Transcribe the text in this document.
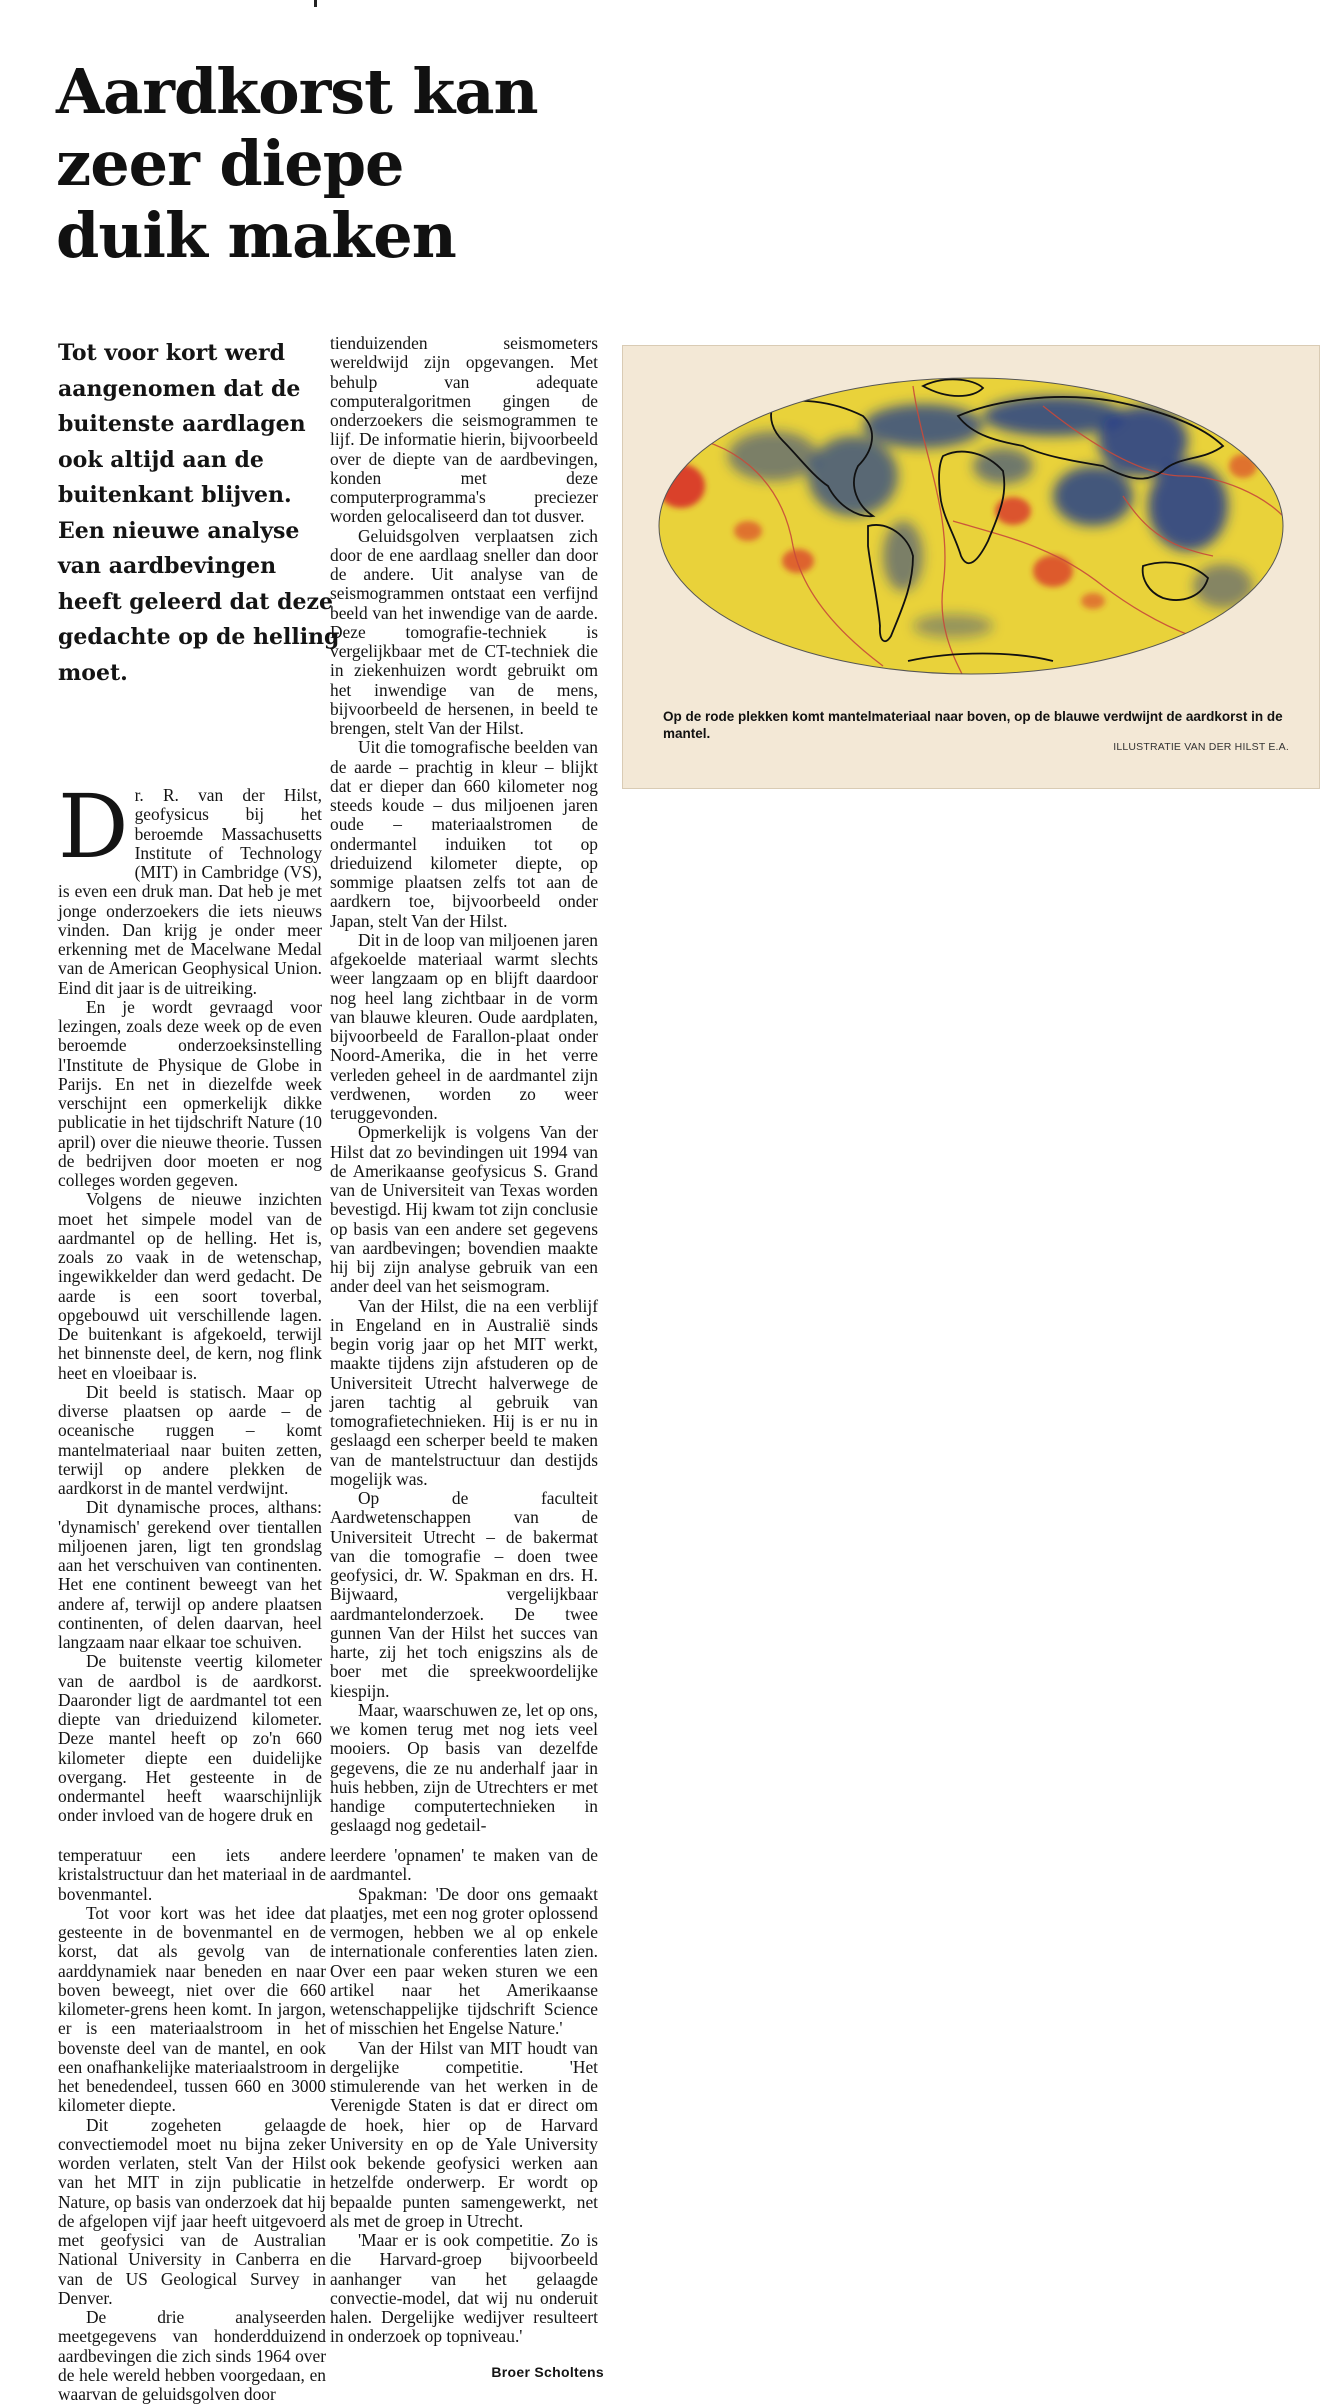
Aardkorst kan
zeer diepe
duik maken
Tot voor kort werd
aangenomen dat de
buitenste aardlagen
ook altijd aan de
buitenkant blijven.
Een nieuwe analyse
van aardbevingen
heeft geleerd dat deze
gedachte op de helling
moet.

Dr. R. van der Hilst, geofysicus bij het beroemde Massachusetts Institute of Technology (MIT) in Cambridge (VS), is even een druk man. Dat heb je met jonge onderzoekers die iets nieuws vinden. Dan krijg je onder meer erkenning met de Macelwane Medal van de American Geophysical Union. Eind dit jaar is de uitreiking.

En je wordt gevraagd voor lezingen, zoals deze week op de even beroemde onderzoeksinstelling l'Institute de Physique de Globe in Parijs. En net in diezelfde week verschijnt een opmerkelijk dikke publicatie in het tijdschrift Nature (10 april) over die nieuwe theorie. Tussen de bedrijven door moeten er nog colleges worden gegeven.

Volgens de nieuwe inzichten moet het simpele model van de aardmantel op de helling. Het is, zoals zo vaak in de wetenschap, ingewikkelder dan werd gedacht. De aarde is een soort toverbal, opgebouwd uit verschillende lagen. De buitenkant is afgekoeld, terwijl het binnenste deel, de kern, nog flink heet en vloeibaar is.

Dit beeld is statisch. Maar op diverse plaatsen op aarde – de oceanische ruggen – komt mantelmateriaal naar buiten zetten, terwijl op andere plekken de aardkorst in de mantel verdwijnt.

Dit dynamische proces, althans: 'dynamisch' gerekend over tientallen miljoenen jaren, ligt ten grondslag aan het verschuiven van continenten. Het ene continent beweegt van het andere af, terwijl op andere plaatsen continenten, of delen daarvan, heel langzaam naar elkaar toe schuiven.

De buitenste veertig kilometer van de aardbol is de aardkorst. Daaronder ligt de aardmantel tot een diepte van drieduizend kilometer. Deze mantel heeft op zo'n 660 kilometer diepte een duidelijke overgang. Het gesteente in de ondermantel heeft waarschijnlijk onder invloed van de hogere druk en

tienduizenden seismometers wereldwijd zijn opgevangen. Met behulp van adequate computeralgoritmen gingen de onderzoekers die seismogrammen te lijf. De informatie hierin, bijvoorbeeld over de diepte van de aardbevingen, konden met deze computerprogramma's preciezer worden gelocaliseerd dan tot dusver.

Geluidsgolven verplaatsen zich door de ene aardlaag sneller dan door de andere. Uit analyse van de seismogrammen ontstaat een verfijnd beeld van het inwendige van de aarde. Deze tomografie-techniek is vergelijkbaar met de CT-techniek die in ziekenhuizen wordt gebruikt om het inwendige van de mens, bijvoorbeeld de hersenen, in beeld te brengen, stelt Van der Hilst.

Uit die tomografische beelden van de aarde – prachtig in kleur – blijkt dat er dieper dan 660 kilometer nog steeds koude – dus miljoenen jaren oude – materiaalstromen de ondermantel induiken tot op drieduizend kilometer diepte, op sommige plaatsen zelfs tot aan de aardkern toe, bijvoorbeeld onder Japan, stelt Van der Hilst.

Dit in de loop van miljoenen jaren afgekoelde materiaal warmt slechts weer langzaam op en blijft daardoor nog heel lang zichtbaar in de vorm van blauwe kleuren. Oude aardplaten, bijvoorbeeld de Farallon-plaat onder Noord-Amerika, die in het verre verleden geheel in de aardmantel zijn verdwenen, worden zo weer teruggevonden.

Opmerkelijk is volgens Van der Hilst dat zo bevindingen uit 1994 van de Amerikaanse geofysicus S. Grand van de Universiteit van Texas worden bevestigd. Hij kwam tot zijn conclusie op basis van een andere set gegevens van aardbevingen; bovendien maakte hij bij zijn analyse gebruik van een ander deel van het seismogram.

Van der Hilst, die na een verblijf in Engeland en in Australië sinds begin vorig jaar op het MIT werkt, maakte tijdens zijn afstuderen op de Universiteit Utrecht halverwege de jaren tachtig al gebruik van tomografietechnieken. Hij is er nu in geslaagd een scherper beeld te maken van de mantelstructuur dan destijds mogelijk was.

Op de faculteit Aardwetenschappen van de Universiteit Utrecht – de bakermat van die tomografie – doen twee geofysici, dr. W. Spakman en drs. H. Bijwaard, vergelijkbaar aardmantelonderzoek. De twee gunnen Van der Hilst het succes van harte, zij het toch enigszins als de boer met die spreekwoordelijke kiespijn.

Maar, waarschuwen ze, let op ons, we komen terug met nog iets veel mooiers. Op basis van dezelfde gegevens, die ze nu anderhalf jaar in huis hebben, zijn de Utrechters er met handige computertechnieken in geslaagd nog gedetail-

temperatuur een iets andere kristalstructuur dan het materiaal in de bovenmantel.

Tot voor kort was het idee dat gesteente in de bovenmantel en de korst, dat als gevolg van de aarddynamiek naar beneden en naar boven beweegt, niet over die 660 kilometer-grens heen komt. In jargon, er is een materiaalstroom in het bovenste deel van de mantel, en ook een onafhankelijke materiaalstroom in het benedendeel, tussen 660 en 3000 kilometer diepte.

Dit zogeheten gelaagde convectiemodel moet nu bijna zeker worden verlaten, stelt Van der Hilst van het MIT in zijn publicatie in Nature, op basis van onderzoek dat hij de afgelopen vijf jaar heeft uitgevoerd met geofysici van de Australian National University in Canberra en van de US Geological Survey in Denver.

De drie analyseerden meetgegevens van honderdduizend aardbevingen die zich sinds 1964 over de hele wereld hebben voorgedaan, en waarvan de geluidsgolven door

leerdere 'opnamen' te maken van de aardmantel.

Spakman: 'De door ons gemaakt plaatjes, met een nog groter oplossend vermogen, hebben we al op enkele internationale conferenties laten zien. Over een paar weken sturen we een artikel naar het Amerikaanse wetenschappelijke tijdschrift Science of misschien het Engelse Nature.'

Van der Hilst van MIT houdt van dergelijke competitie. 'Het stimulerende van het werken in de Verenigde Staten is dat er direct om de hoek, hier op de Harvard University en op de Yale University ook bekende geofysici werken aan hetzelfde onderwerp. Er wordt op bepaalde punten samengewerkt, net als met de groep in Utrecht.

'Maar er is ook competitie. Zo is die Harvard-groep bijvoorbeeld aanhanger van het gelaagde convectie-model, dat wij nu onderuit halen. Dergelijke wedijver resulteert in onderzoek op topniveau.'

Broer Scholtens
Op de rode plekken komt mantelmateriaal naar boven, op de blauwe verdwijnt de aardkorst in de mantel.
ILLUSTRATIE VAN DER HILST E.A.
